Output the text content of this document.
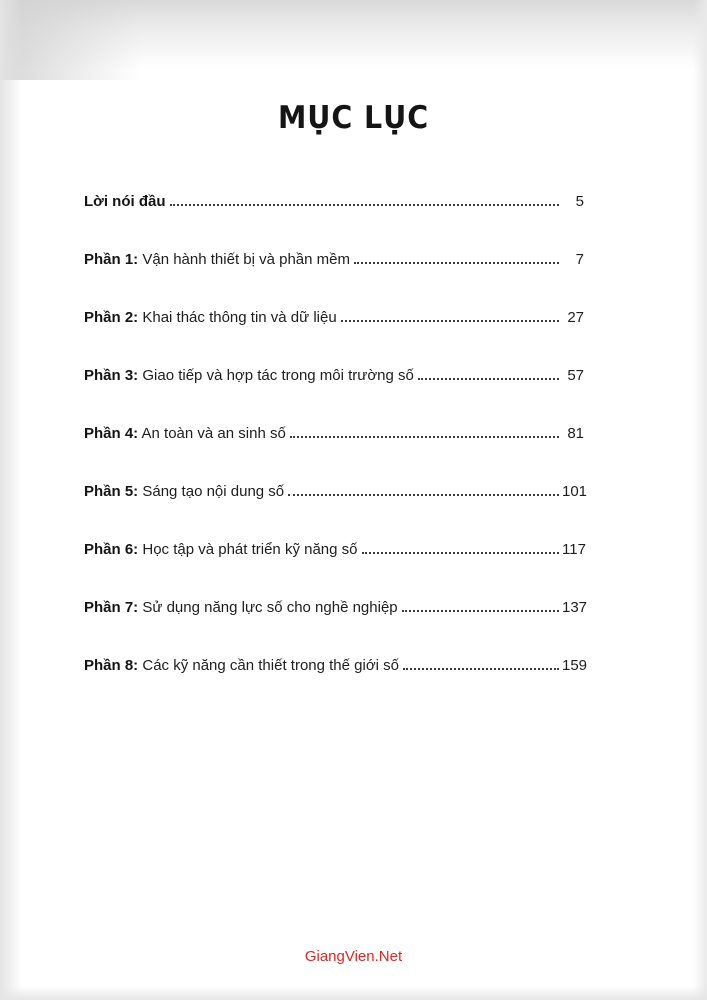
MỤC LỤC
Lời nói đầu	5
Phần 1: Vận hành thiết bị và phần mềm	7
Phần 2: Khai thác thông tin và dữ liệu	27
Phần 3: Giao tiếp và hợp tác trong môi trường số	57
Phần 4: An toàn và an sinh số	81
Phần 5: Sáng tạo nội dung số	101
Phần 6: Học tập và phát triển kỹ năng số	117
Phần 7: Sử dụng năng lực số cho nghề nghiệp	137
Phần 8: Các kỹ năng cần thiết trong thế giới số	159
GiangVien.Net
